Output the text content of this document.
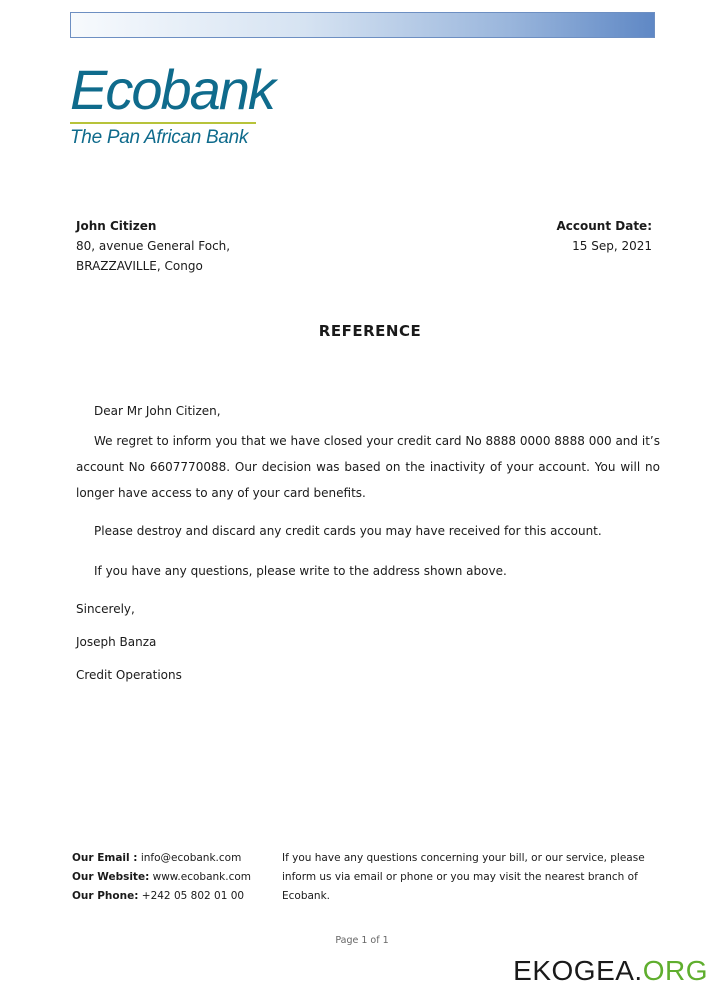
Ecobank
The Pan African Bank
John Citizen
80, avenue General Foch,
BRAZZAVILLE, Congo
Account Date:
15 Sep, 2021
REFERENCE
Dear Mr John Citizen,
We regret to inform you that we have closed your credit card No 8888 0000 8888 000 and it’s account No 6607770088. Our decision was based on the inactivity of your account. You will no longer have access to any of your card benefits.
Please destroy and discard any credit cards you may have received for this account.
If you have any questions, please write to the address shown above.
Sincerely,
Joseph Banza
Credit Operations
Our Email : info@ecobank.com
Our Website: www.ecobank.com
Our Phone: +242 05 802 01 00
If you have any questions concerning your bill, or our service, please inform us via email or phone or you may visit the nearest branch of Ecobank.
Page 1 of 1
EKOGEA.ORG
